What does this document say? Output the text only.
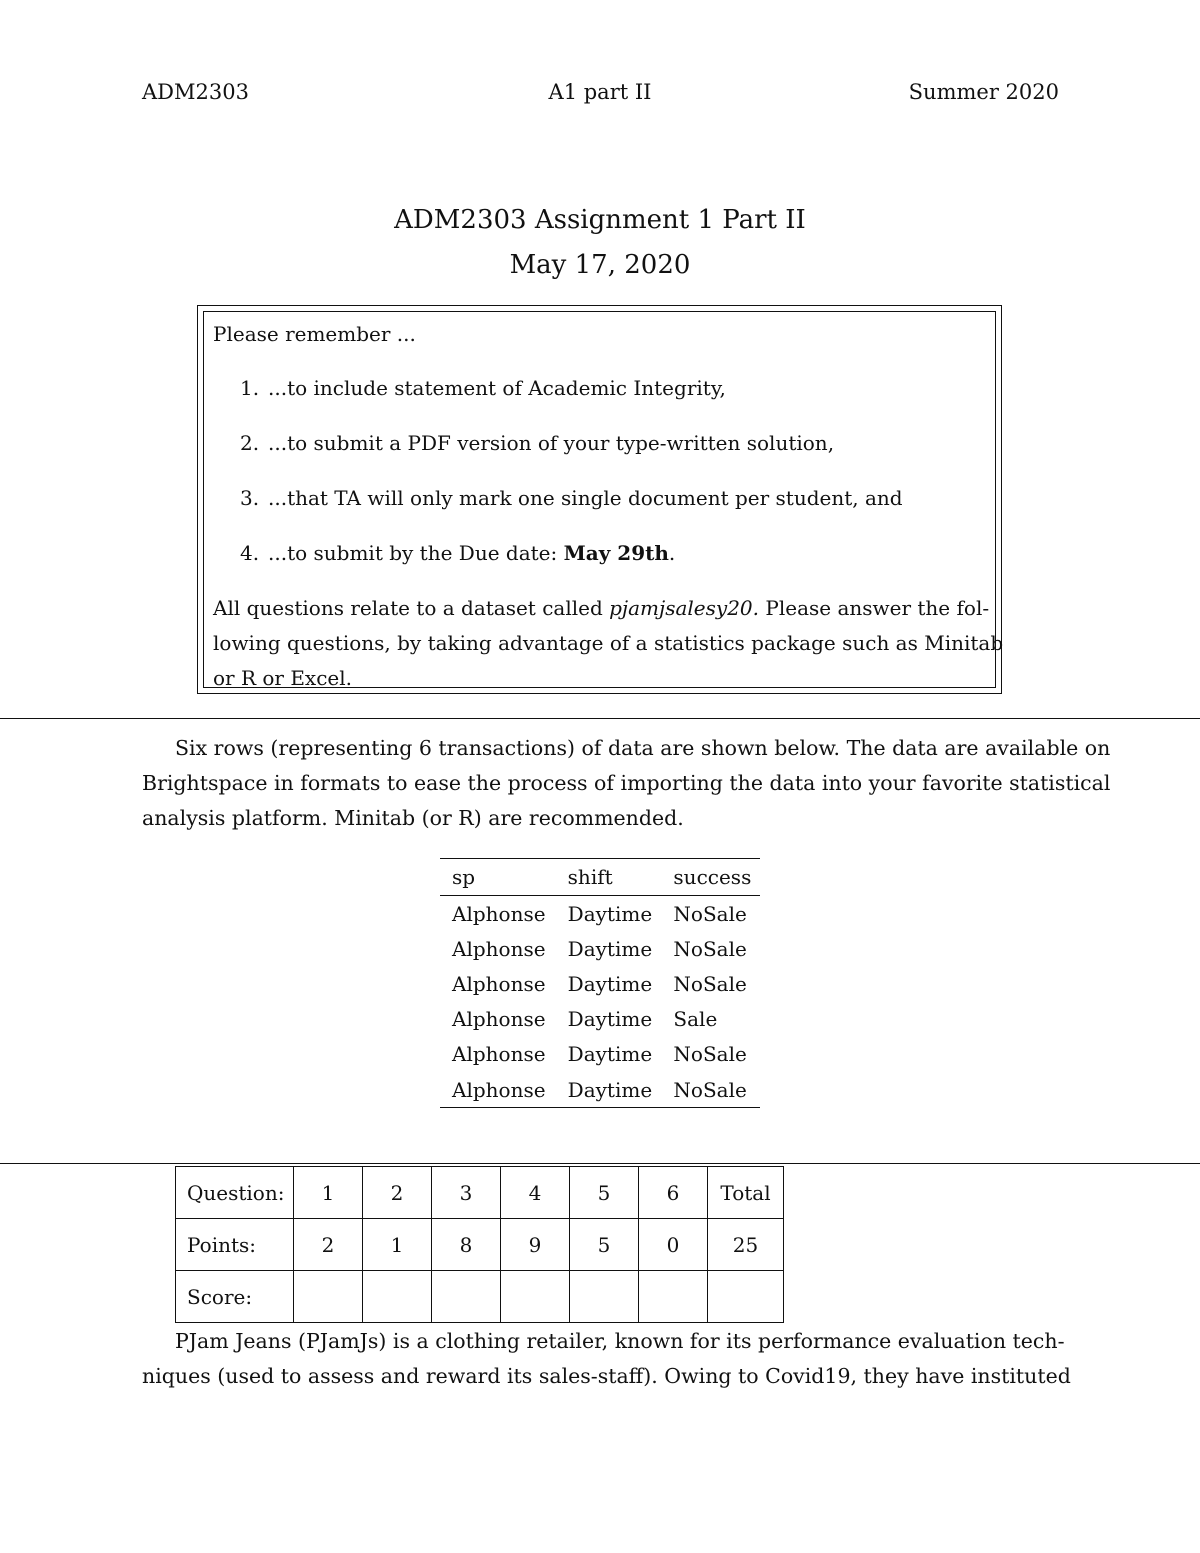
ADM2303	A1 part II	Summer 2020
ADM2303 Assignment 1 Part II
May 17, 2020
Please remember ...
1. ...to include statement of Academic Integrity,
2. ...to submit a PDF version of your type-written solution,
3. ...that TA will only mark one single document per student, and
4. ...to submit by the Due date: May 29th.
All questions relate to a dataset called pjamjsalesy20. Please answer the fol-
lowing questions, by taking advantage of a statistics package such as Minitab
or R or Excel.
Six rows (representing 6 transactions) of data are shown below. The data are available on
Brightspace in formats to ease the process of importing the data into your favorite statistical
analysis platform. Minitab (or R) are recommended.
sp	shift	success
Alphonse	Daytime	NoSale
Alphonse	Daytime	NoSale
Alphonse	Daytime	NoSale
Alphonse	Daytime	Sale
Alphonse	Daytime	NoSale
Alphonse	Daytime	NoSale
Question:	1	2	3	4	5	6	Total
Points:	2	1	8	9	5	0	25
Score:							
PJam Jeans (PJamJs) is a clothing retailer, known for its performance evaluation tech-
niques (used to assess and reward its sales-staff). Owing to Covid19, they have instituted
